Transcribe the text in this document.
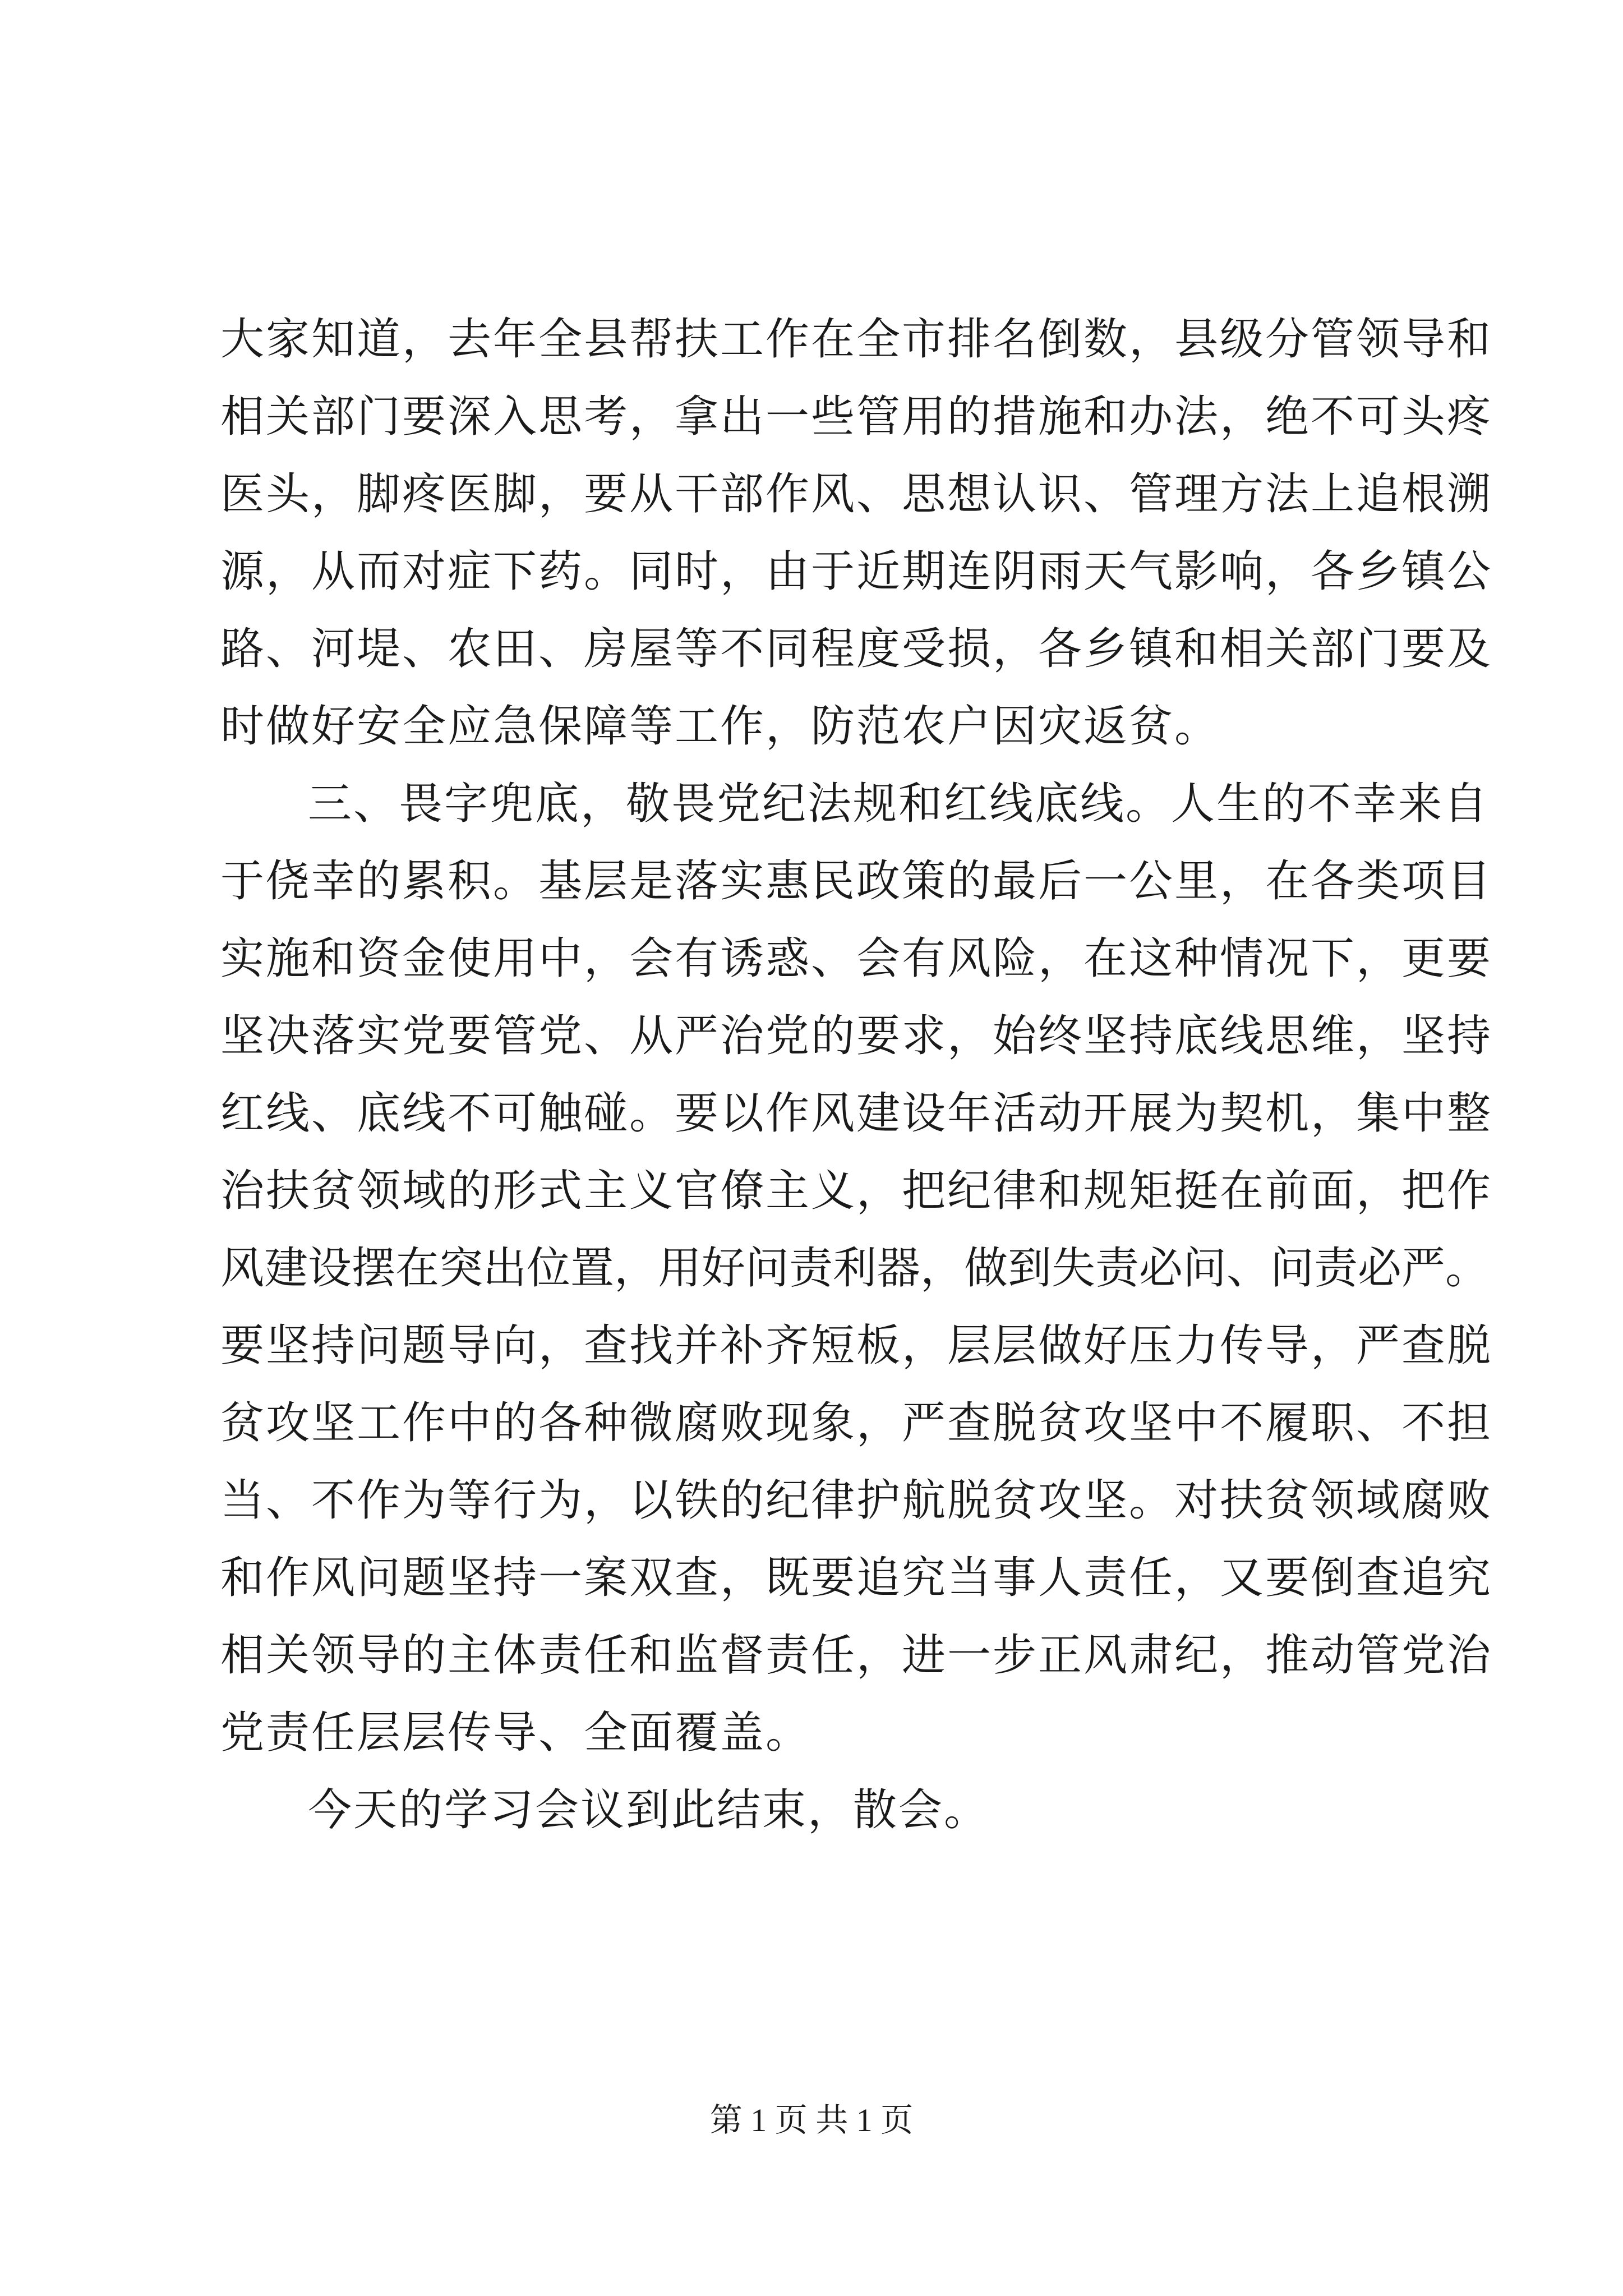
大家知道，去年全县帮扶工作在全市排名倒数，县级分管领导和
相关部门要深入思考，拿出一些管用的措施和办法，绝不可头疼
医头，脚疼医脚，要从干部作风、思想认识、管理方法上追根溯
源，从而对症下药。同时，由于近期连阴雨天气影响，各乡镇公
路、河堤、农田、房屋等不同程度受损，各乡镇和相关部门要及
时做好安全应急保障等工作，防范农户因灾返贫。
三、畏字兜底，敬畏党纪法规和红线底线。人生的不幸来自
于侥幸的累积。基层是落实惠民政策的最后一公里，在各类项目
实施和资金使用中，会有诱惑、会有风险，在这种情况下，更要
坚决落实党要管党、从严治党的要求，始终坚持底线思维，坚持
红线、底线不可触碰。要以作风建设年活动开展为契机，集中整
治扶贫领域的形式主义官僚主义，把纪律和规矩挺在前面，把作
风建设摆在突出位置，用好问责利器，做到失责必问、问责必严。
要坚持问题导向，查找并补齐短板，层层做好压力传导，严查脱
贫攻坚工作中的各种微腐败现象，严查脱贫攻坚中不履职、不担
当、不作为等行为，以铁的纪律护航脱贫攻坚。对扶贫领域腐败
和作风问题坚持一案双查，既要追究当事人责任，又要倒查追究
相关领导的主体责任和监督责任，进一步正风肃纪，推动管党治
党责任层层传导、全面覆盖。
今天的学习会议到此结束，散会。
第 1 页 共 1 页
